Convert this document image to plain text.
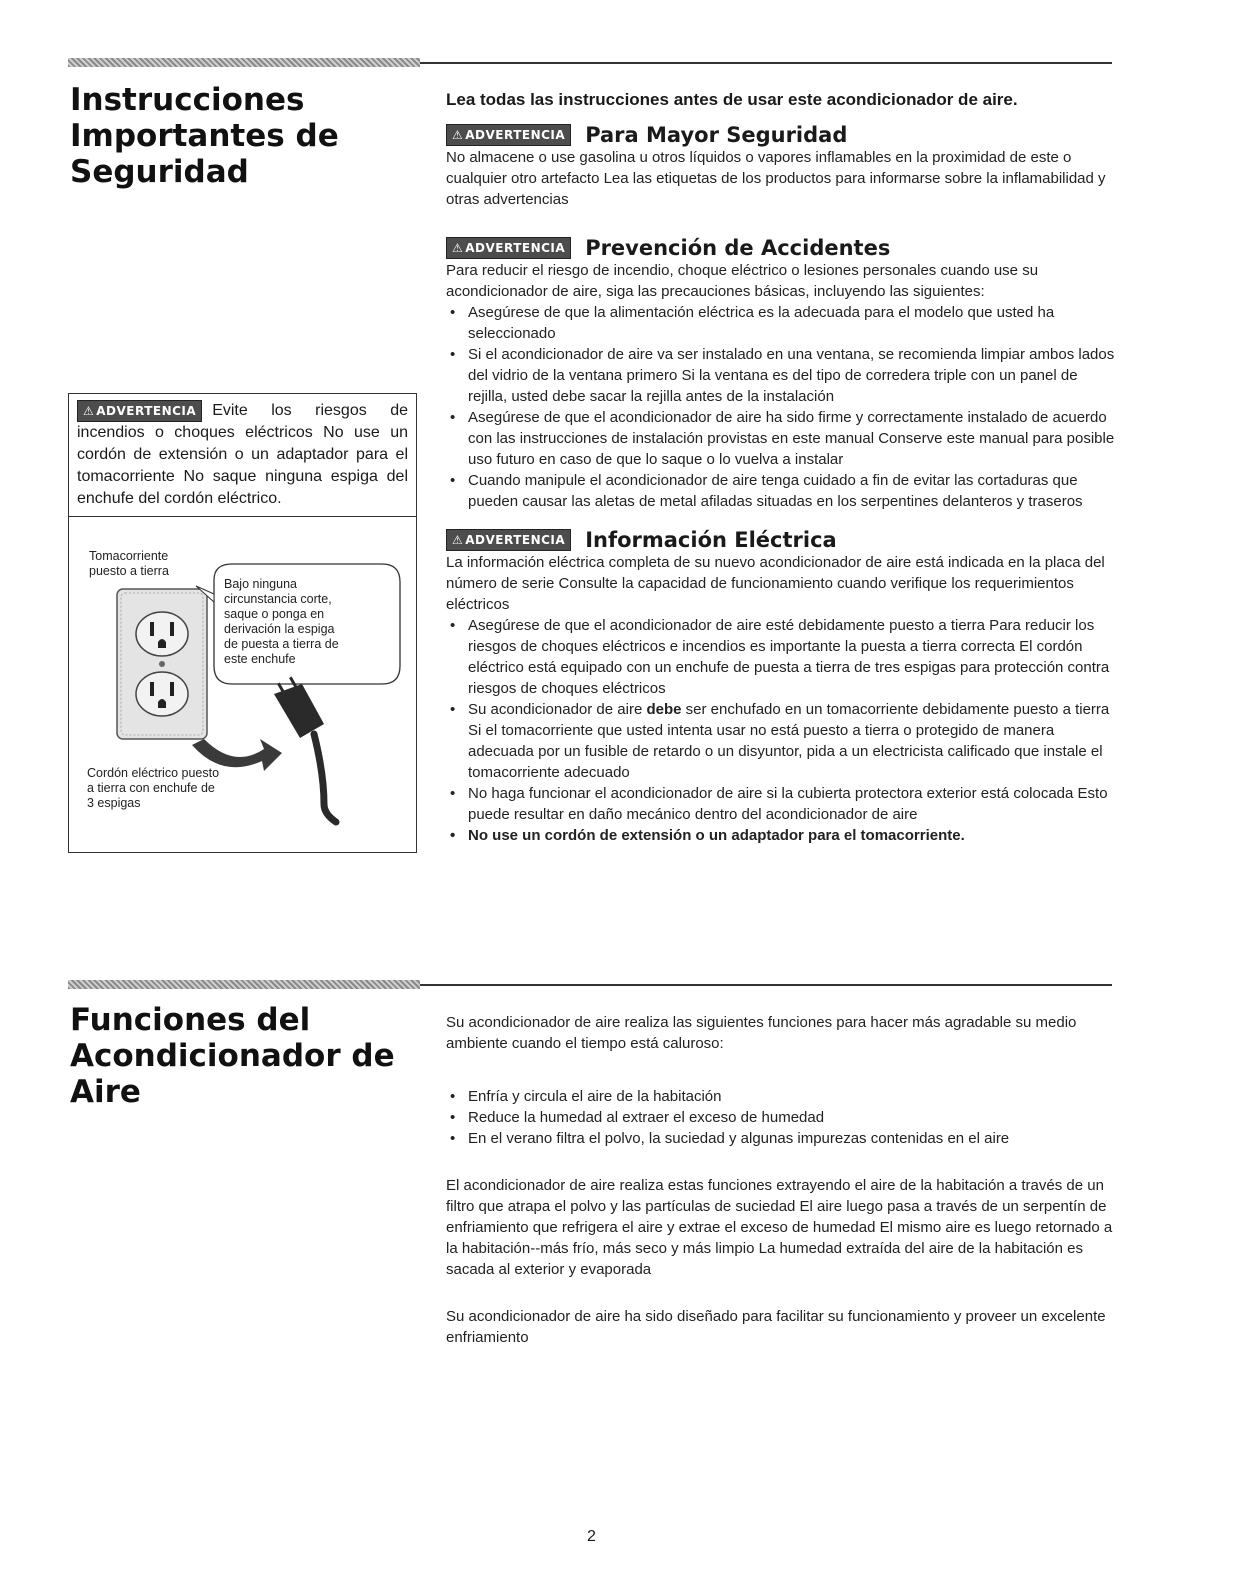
Instrucciones
Importantes de
Seguridad
Lea todas las instrucciones antes de usar este acondicionador de aire.
⚠ ADVERTENCIA Para Mayor Seguridad
No almacene o use gasolina u otros líquidos o vapores inflamables en la proximidad de este o cualquier otro artefacto Lea las etiquetas de los productos para informarse sobre la inflamabilidad y otras advertencias
⚠ ADVERTENCIA Prevención de Accidentes
Para reducir el riesgo de incendio, choque eléctrico o lesiones personales cuando use su acondicionador de aire, siga las precauciones básicas, incluyendo las siguientes:
• Asegúrese de que la alimentación eléctrica es la adecuada para el modelo que usted ha seleccionado
• Si el acondicionador de aire va ser instalado en una ventana, se recomienda limpiar ambos lados del vidrio de la ventana primero Si la ventana es del tipo de corredera triple con un panel de rejilla, usted debe sacar la rejilla antes de la instalación
• Asegúrese de que el acondicionador de aire ha sido firme y correctamente instalado de acuerdo con las instrucciones de instalación provistas en este manual Conserve este manual para posible uso futuro en caso de que lo saque o lo vuelva a instalar
• Cuando manipule el acondicionador de aire tenga cuidado a fin de evitar las cortaduras que pueden causar las aletas de metal afiladas situadas en los serpentines delanteros y traseros
⚠ ADVERTENCIA Información Eléctrica
La información eléctrica completa de su nuevo acondicionador de aire está indicada en la placa del número de serie Consulte la capacidad de funcionamiento cuando verifique los requerimientos eléctricos
• Asegúrese de que el acondicionador de aire esté debidamente puesto a tierra Para reducir los riesgos de choques eléctricos e incendios es importante la puesta a tierra correcta El cordón eléctrico está equipado con un enchufe de puesta a tierra de tres espigas para protección contra riesgos de choques eléctricos
• Su acondicionador de aire debe ser enchufado en un tomacorriente debidamente puesto a tierra Si el tomacorriente que usted intenta usar no está puesto a tierra o protegido de manera adecuada por un fusible de retardo o un disyuntor, pida a un electricista calificado que instale el tomacorriente adecuado
• No haga funcionar el acondicionador de aire si la cubierta protectora exterior está colocada Esto puede resultar en daño mecánico dentro del acondicionador de aire
• No use un cordón de extensión o un adaptador para el tomacorriente.
⚠ ADVERTENCIA Evite los riesgos de incendios o choques eléctricos No use un cordón de extensión o un adaptador para el tomacorriente No saque ninguna espiga del enchufe del cordón eléctrico.
Tomacorriente
puesto a tierra
Bajo ninguna
circunstancia corte,
saque o ponga en
derivación la espiga
de puesta a tierra de
este enchufe
Cordón eléctrico puesto
a tierra con enchufe de
3 espigas
Funciones del
Acondicionador de Aire
Su acondicionador de aire realiza las siguientes funciones para hacer más agradable su medio ambiente cuando el tiempo está caluroso:
• Enfría y circula el aire de la habitación
• Reduce la humedad al extraer el exceso de humedad
• En el verano filtra el polvo, la suciedad y algunas impurezas contenidas en el aire
El acondicionador de aire realiza estas funciones extrayendo el aire de la habitación a través de un filtro que atrapa el polvo y las partículas de suciedad El aire luego pasa a través de un serpentín de enfriamiento que refrigera el aire y extrae el exceso de humedad El mismo aire es luego retornado a la habitación--más frío, más seco y más limpio La humedad extraída del aire de la habitación es sacada al exterior y evaporada
Su acondicionador de aire ha sido diseñado para facilitar su funcionamiento y proveer un excelente enfriamiento
2
